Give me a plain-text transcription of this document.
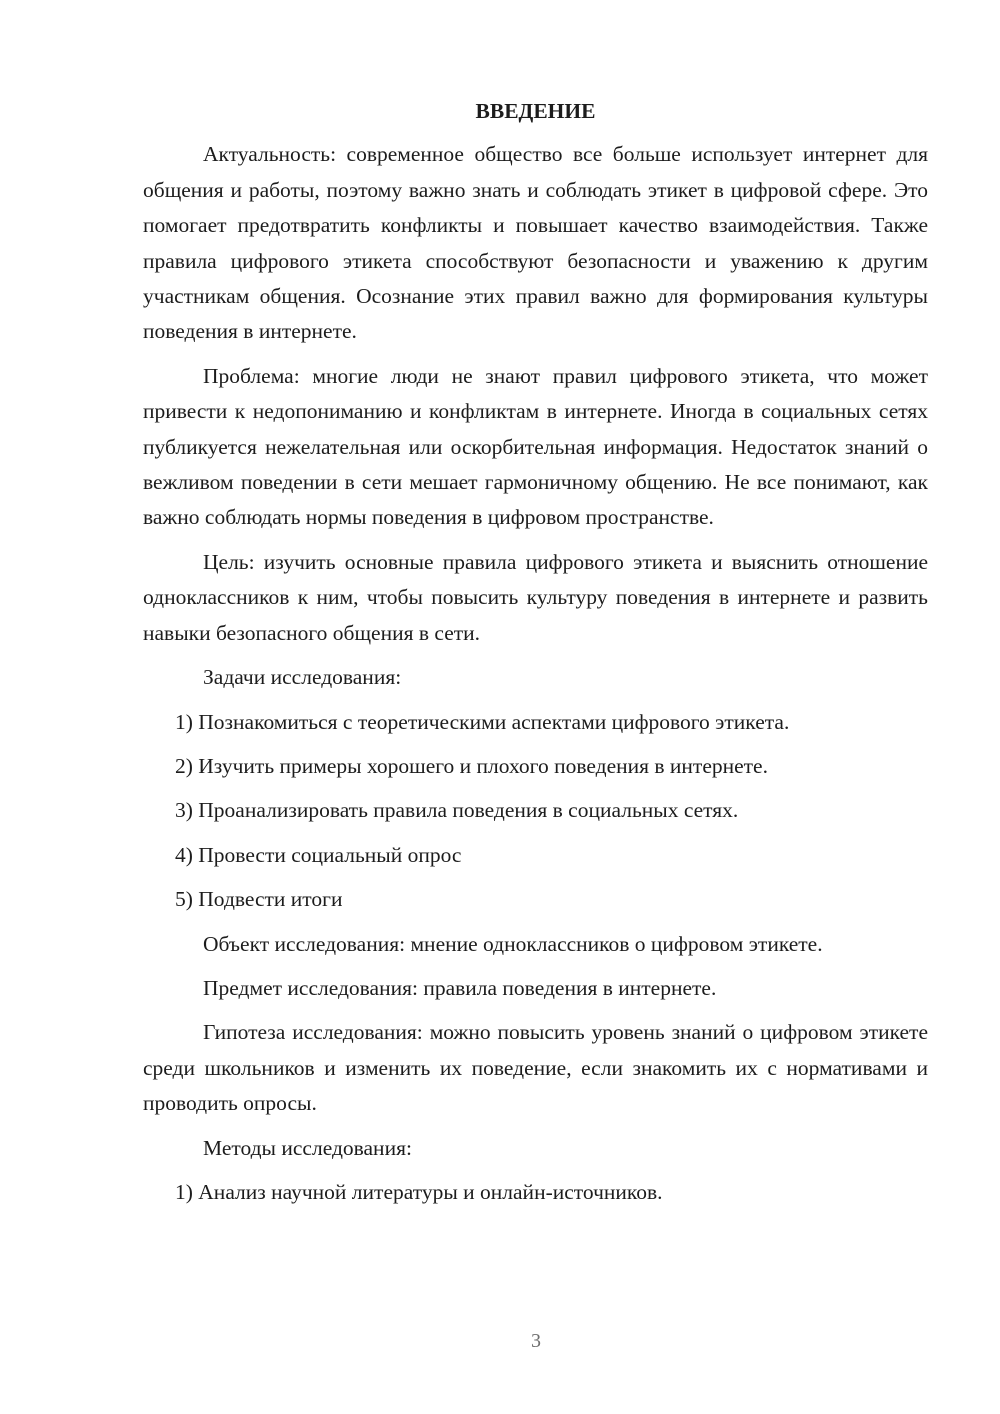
ВВЕДЕНИЕ
Актуальность: современное общество все больше использует интернет для общения и работы, поэтому важно знать и соблюдать этикет в цифровой сфере. Это помогает предотвратить конфликты и повышает качество взаимодействия. Также правила цифрового этикета способствуют безопасности и уважению к другим участникам общения. Осознание этих правил важно для формирования культуры поведения в интернете.
Проблема: многие люди не знают правил цифрового этикета, что может привести к недопониманию и конфликтам в интернете. Иногда в социальных сетях публикуется нежелательная или оскорбительная информация. Недостаток знаний о вежливом поведении в сети мешает гармоничному общению. Не все понимают, как важно соблюдать нормы поведения в цифровом пространстве.
Цель: изучить основные правила цифрового этикета и выяснить отношение одноклассников к ним, чтобы повысить культуру поведения в интернете и развить навыки безопасного общения в сети.
Задачи исследования:
1) Познакомиться с теоретическими аспектами цифрового этикета.
2) Изучить примеры хорошего и плохого поведения в интернете.
3) Проанализировать правила поведения в социальных сетях.
4) Провести социальный опрос
5) Подвести итоги
Объект исследования: мнение одноклассников о цифровом этикете.
Предмет исследования: правила поведения в интернете.
Гипотеза исследования: можно повысить уровень знаний о цифровом этикете среди школьников и изменить их поведение, если знакомить их с нормативами и проводить опросы.
Методы исследования:
1) Анализ научной литературы и онлайн-источников.
3
